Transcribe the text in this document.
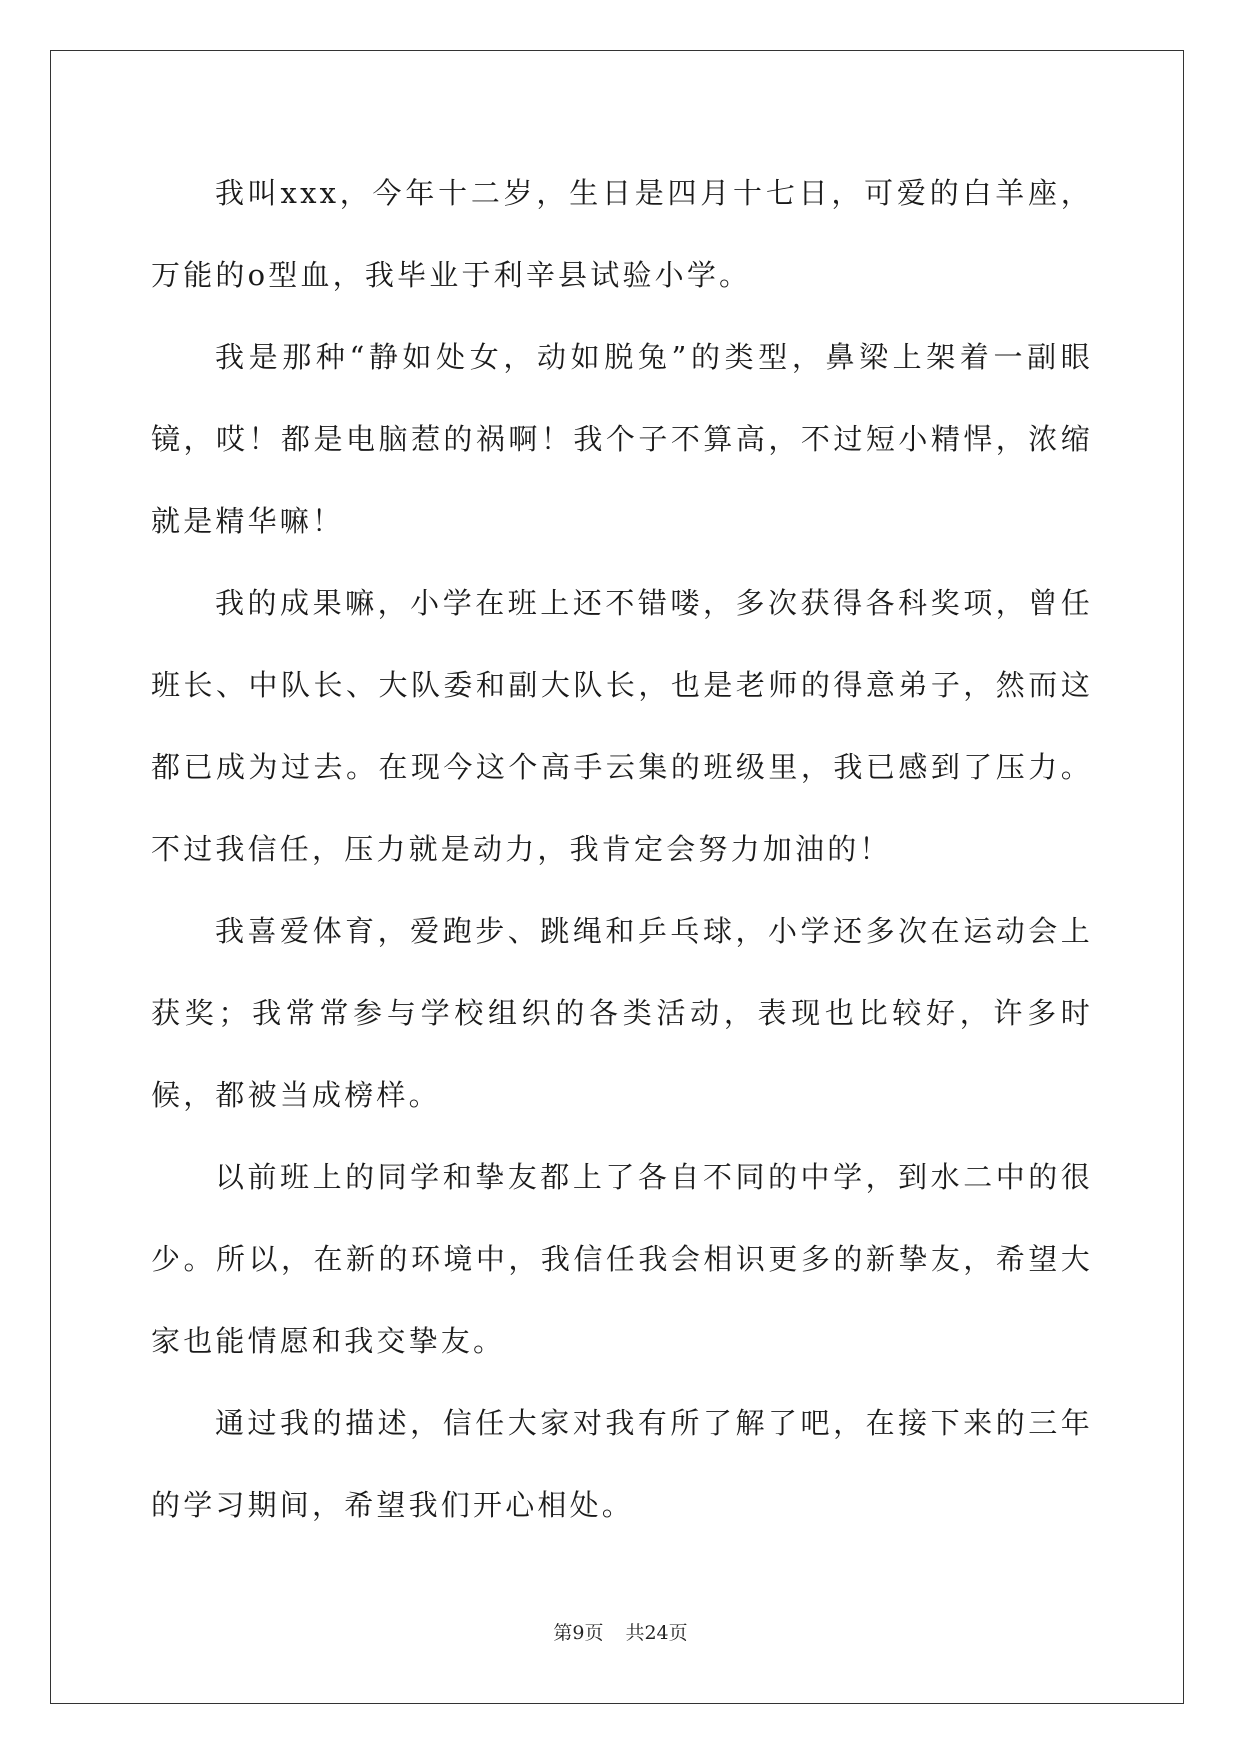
我叫xxx，今年十二岁，生日是四月十七日，可爱的白羊座，万能的o型血，我毕业于利辛县试验小学。

我是那种“静如处女，动如脱兔”的类型，鼻梁上架着一副眼镜，哎！都是电脑惹的祸啊！我个子不算高，不过短小精悍，浓缩就是精华嘛！

我的成果嘛，小学在班上还不错喽，多次获得各科奖项，曾任班长、中队长、大队委和副大队长，也是老师的得意弟子，然而这都已成为过去。在现今这个高手云集的班级里，我已感到了压力。不过我信任，压力就是动力，我肯定会努力加油的！

我喜爱体育，爱跑步、跳绳和乒乓球，小学还多次在运动会上获奖；我常常参与学校组织的各类活动，表现也比较好，许多时候，都被当成榜样。

以前班上的同学和挚友都上了各自不同的中学，到水二中的很少。所以，在新的环境中，我信任我会相识更多的新挚友，希望大家也能情愿和我交挚友。

通过我的描述，信任大家对我有所了解了吧，在接下来的三年的学习期间，希望我们开心相处。

第9页 共24页
